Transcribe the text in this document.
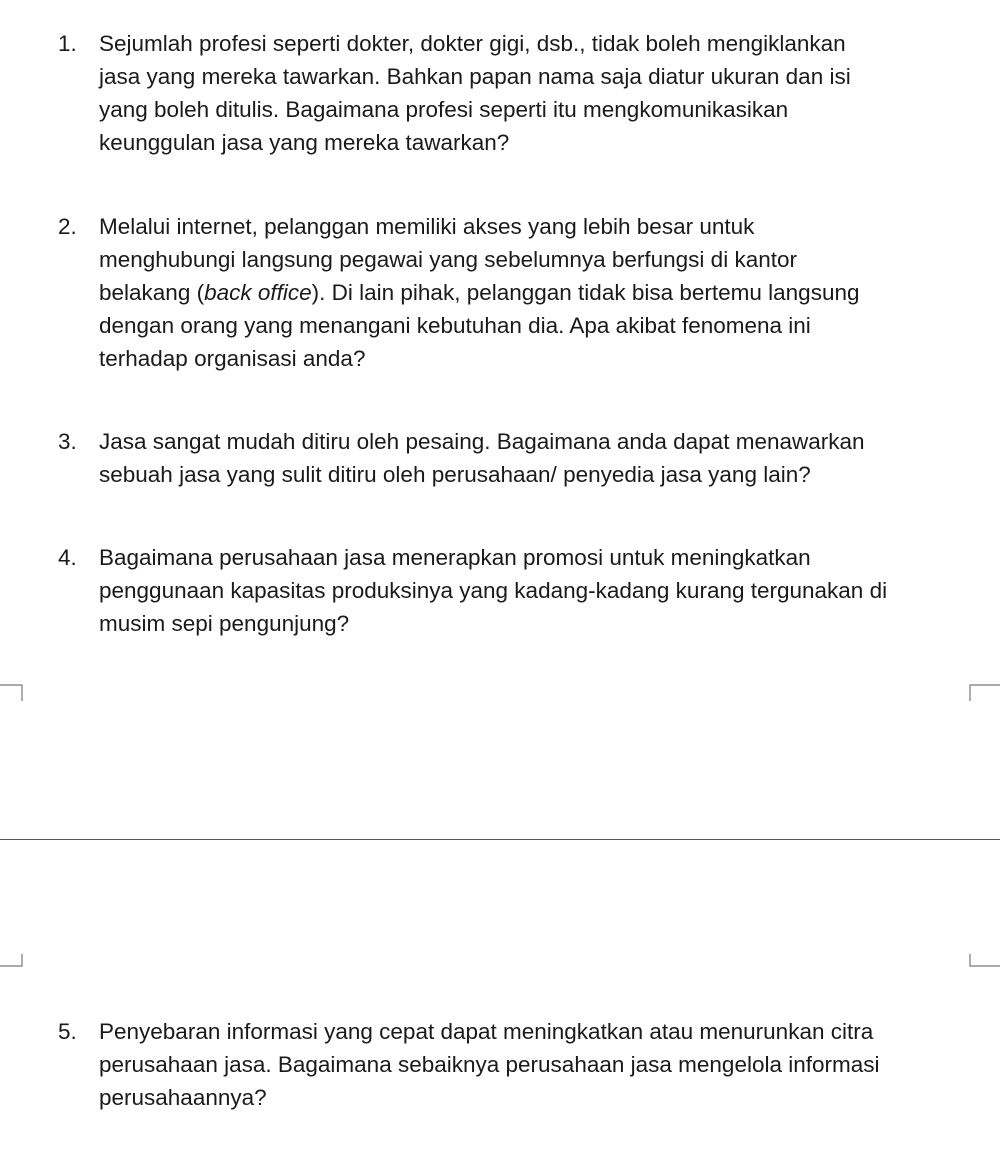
1. Sejumlah profesi seperti dokter, dokter gigi, dsb., tidak boleh mengiklankan
jasa yang mereka tawarkan. Bahkan papan nama saja diatur ukuran dan isi
yang boleh ditulis. Bagaimana profesi seperti itu mengkomunikasikan
keunggulan jasa yang mereka tawarkan?
2. Melalui internet, pelanggan memiliki akses yang lebih besar untuk
menghubungi langsung pegawai yang sebelumnya berfungsi di kantor
belakang (back office). Di lain pihak, pelanggan tidak bisa bertemu langsung
dengan orang yang menangani kebutuhan dia. Apa akibat fenomena ini
terhadap organisasi anda?
3. Jasa sangat mudah ditiru oleh pesaing. Bagaimana anda dapat menawarkan
sebuah jasa yang sulit ditiru oleh perusahaan/ penyedia jasa yang lain?
4. Bagaimana perusahaan jasa menerapkan promosi untuk meningkatkan
penggunaan kapasitas produksinya yang kadang-kadang kurang tergunakan di
musim sepi pengunjung?
5. Penyebaran informasi yang cepat dapat meningkatkan atau menurunkan citra
perusahaan jasa. Bagaimana sebaiknya perusahaan jasa mengelola informasi
perusahaannya?
